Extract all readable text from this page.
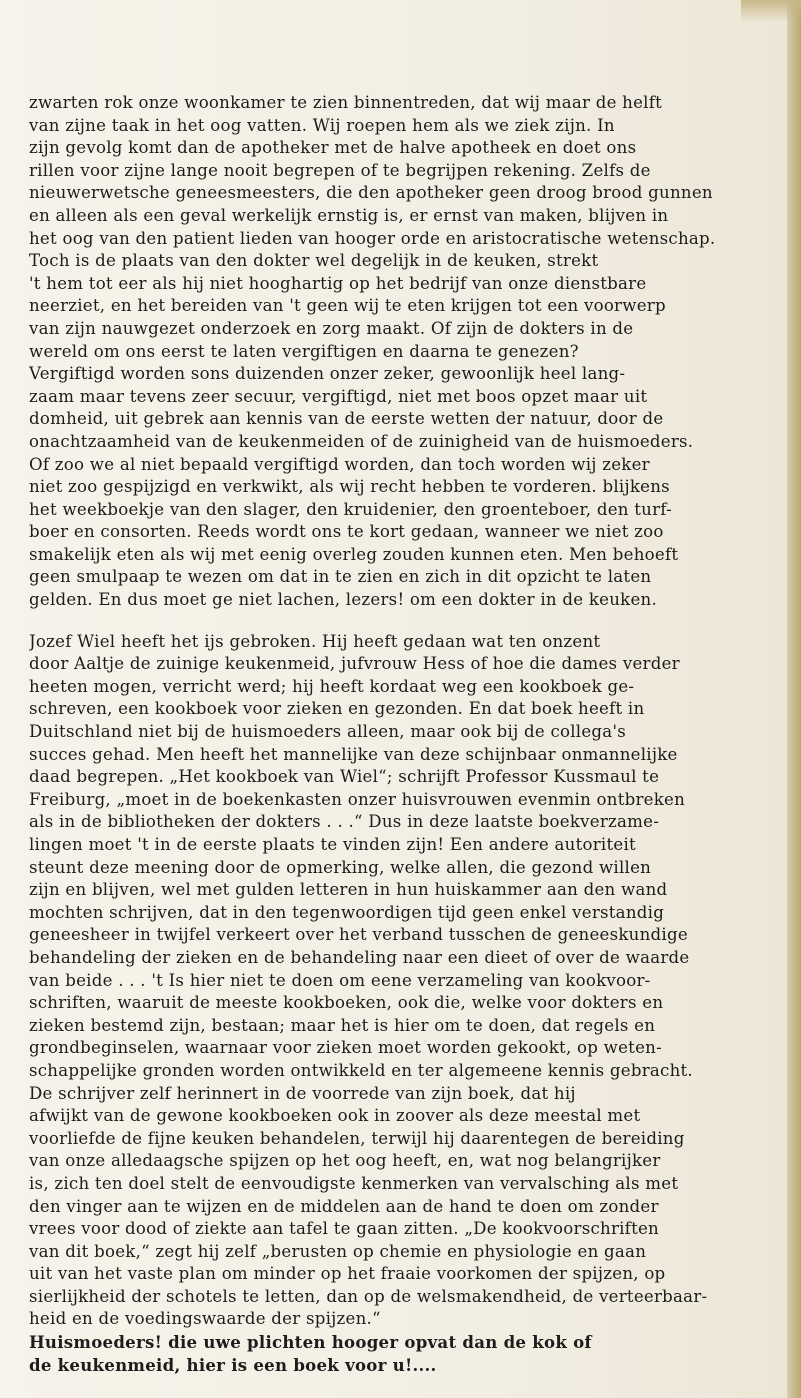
zwarten rok onze woonkamer te zien binnentreden, dat wij maar de helft
van zijne taak in het oog vatten. Wij roepen hem als we ziek zijn. In
zijn gevolg komt dan de apotheker met de halve apotheek en doet ons
rillen voor zijne lange nooit begrepen of te begrijpen rekening. Zelfs de
nieuwerwetsche geneesmeesters, die den apotheker geen droog brood gunnen
en alleen als een geval werkelijk ernstig is, er ernst van maken, blijven in
het oog van den patient lieden van hooger orde en aristocratische wetenschap.
Toch is de plaats van den dokter wel degelijk in de keuken, strekt
't hem tot eer als hij niet hooghartig op het bedrijf van onze dienstbare
neerziet, en het bereiden van 't geen wij te eten krijgen tot een voorwerp
van zijn nauwgezet onderzoek en zorg maakt. Of zijn de dokters in de
wereld om ons eerst te laten vergiftigen en daarna te genezen?
Vergiftigd worden sons duizenden onzer zeker, gewoonlijk heel lang-
zaam maar tevens zeer secuur, vergiftigd, niet met boos opzet maar uit
domheid, uit gebrek aan kennis van de eerste wetten der natuur, door de
onachtzaamheid van de keukenmeiden of de zuinigheid van de huismoeders.
Of zoo we al niet bepaald vergiftigd worden, dan toch worden wij zeker
niet zoo gespijzigd en verkwikt, als wij recht hebben te vorderen. blijkens
het weekboekje van den slager, den kruidenier, den groenteboer, den turf-
boer en consorten. Reeds wordt ons te kort gedaan, wanneer we niet zoo
smakelijk eten als wij met eenig overleg zouden kunnen eten. Men behoeft
geen smulpaap te wezen om dat in te zien en zich in dit opzicht te laten
gelden. En dus moet ge niet lachen, lezers! om een dokter in de keuken.
Jozef Wiel heeft het ijs gebroken. Hij heeft gedaan wat ten onzent
door Aaltje de zuinige keukenmeid, jufvrouw Hess of hoe die dames verder
heeten mogen, verricht werd; hij heeft kordaat weg een kookboek ge-
schreven, een kookboek voor zieken en gezonden. En dat boek heeft in
Duitschland niet bij de huismoeders alleen, maar ook bij de collega's
succes gehad. Men heeft het mannelijke van deze schijnbaar onmannelijke
daad begrepen. „Het kookboek van Wiel“; schrijft Professor Kussmaul te
Freiburg, „moet in de boekenkasten onzer huisvrouwen evenmin ontbreken
als in de bibliotheken der dokters . . .“ Dus in deze laatste boekverzame-
lingen moet 't in de eerste plaats te vinden zijn! Een andere autoriteit
steunt deze meening door de opmerking, welke allen, die gezond willen
zijn en blijven, wel met gulden letteren in hun huiskammer aan den wand
mochten schrijven, dat in den tegenwoordigen tijd geen enkel verstandig
geneesheer in twijfel verkeert over het verband tusschen de geneeskundige
behandeling der zieken en de behandeling naar een dieet of over de waarde
van beide . . . 't Is hier niet te doen om eene verzameling van kookvoor-
schriften, waaruit de meeste kookboeken, ook die, welke voor dokters en
zieken bestemd zijn, bestaan; maar het is hier om te doen, dat regels en
grondbeginselen, waarnaar voor zieken moet worden gekookt, op weten-
schappelijke gronden worden ontwikkeld en ter algemeene kennis gebracht.
De schrijver zelf herinnert in de voorrede van zijn boek, dat hij
afwijkt van de gewone kookboeken ook in zoover als deze meestal met
voorliefde de fijne keuken behandelen, terwijl hij daarentegen de bereiding
van onze alledaagsche spijzen op het oog heeft, en, wat nog belangrijker
is, zich ten doel stelt de eenvoudigste kenmerken van vervalsching als met
den vinger aan te wijzen en de middelen aan de hand te doen om zonder
vrees voor dood of ziekte aan tafel te gaan zitten. „De kookvoorschriften
van dit boek,“ zegt hij zelf „berusten op chemie en physiologie en gaan
uit van het vaste plan om minder op het fraaie voorkomen der spijzen, op
sierlijkheid der schotels te letten, dan op de welsmakendheid, de verteerbaar-
heid en de voedingswaarde der spijzen.“
Huismoeders! die uwe plichten hooger opvat dan de kok of
de keukenmeid, hier is een boek voor u!....
